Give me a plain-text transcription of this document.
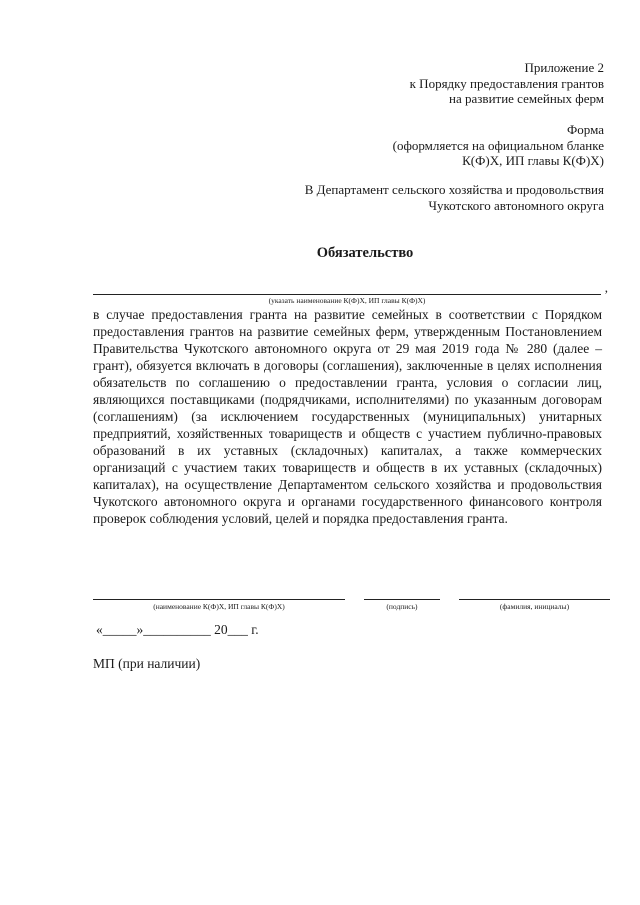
Приложение 2
к Порядку предоставления грантов
на развитие семейных ферм
Форма
(оформляется на официальном бланке
К(Ф)Х, ИП главы К(Ф)Х)
В Департамент сельского хозяйства и продовольствия
Чукотского автономного округа
Обязательство
,
(указать наименование К(Ф)Х, ИП главы К(Ф)Х)

в случае предоставления гранта на развитие семейных в соответствии с Порядком предоставления грантов на развитие семейных ферм, утвержденным Постановлением Правительства Чукотского автономного округа от 29 мая 2019 года № 280 (далее – грант), обязуется включать в договоры (соглашения), заключенные в целях исполнения обязательств по соглашению о предоставлении гранта, условия о согласии лиц, являющихся поставщиками (подрядчиками, исполнителями) по указанным договорам (соглашениям) (за исключением государственных (муниципальных) унитарных предприятий, хозяйственных товариществ и обществ с участием публично-правовых образований в их уставных (складочных) капиталах, а также коммерческих организаций с участием таких товариществ и обществ в их уставных (складочных) капиталах), на осуществление Департаментом сельского хозяйства и продовольствия Чукотского автономного округа и органами государственного финансового контроля проверок соблюдения условий, целей и порядка предоставления гранта.

(наименование К(Ф)Х, ИП главы К(Ф)Х)	(подпись)	(фамилия, инициалы)
«_____»__________ 20___ г.
МП (при наличии)
